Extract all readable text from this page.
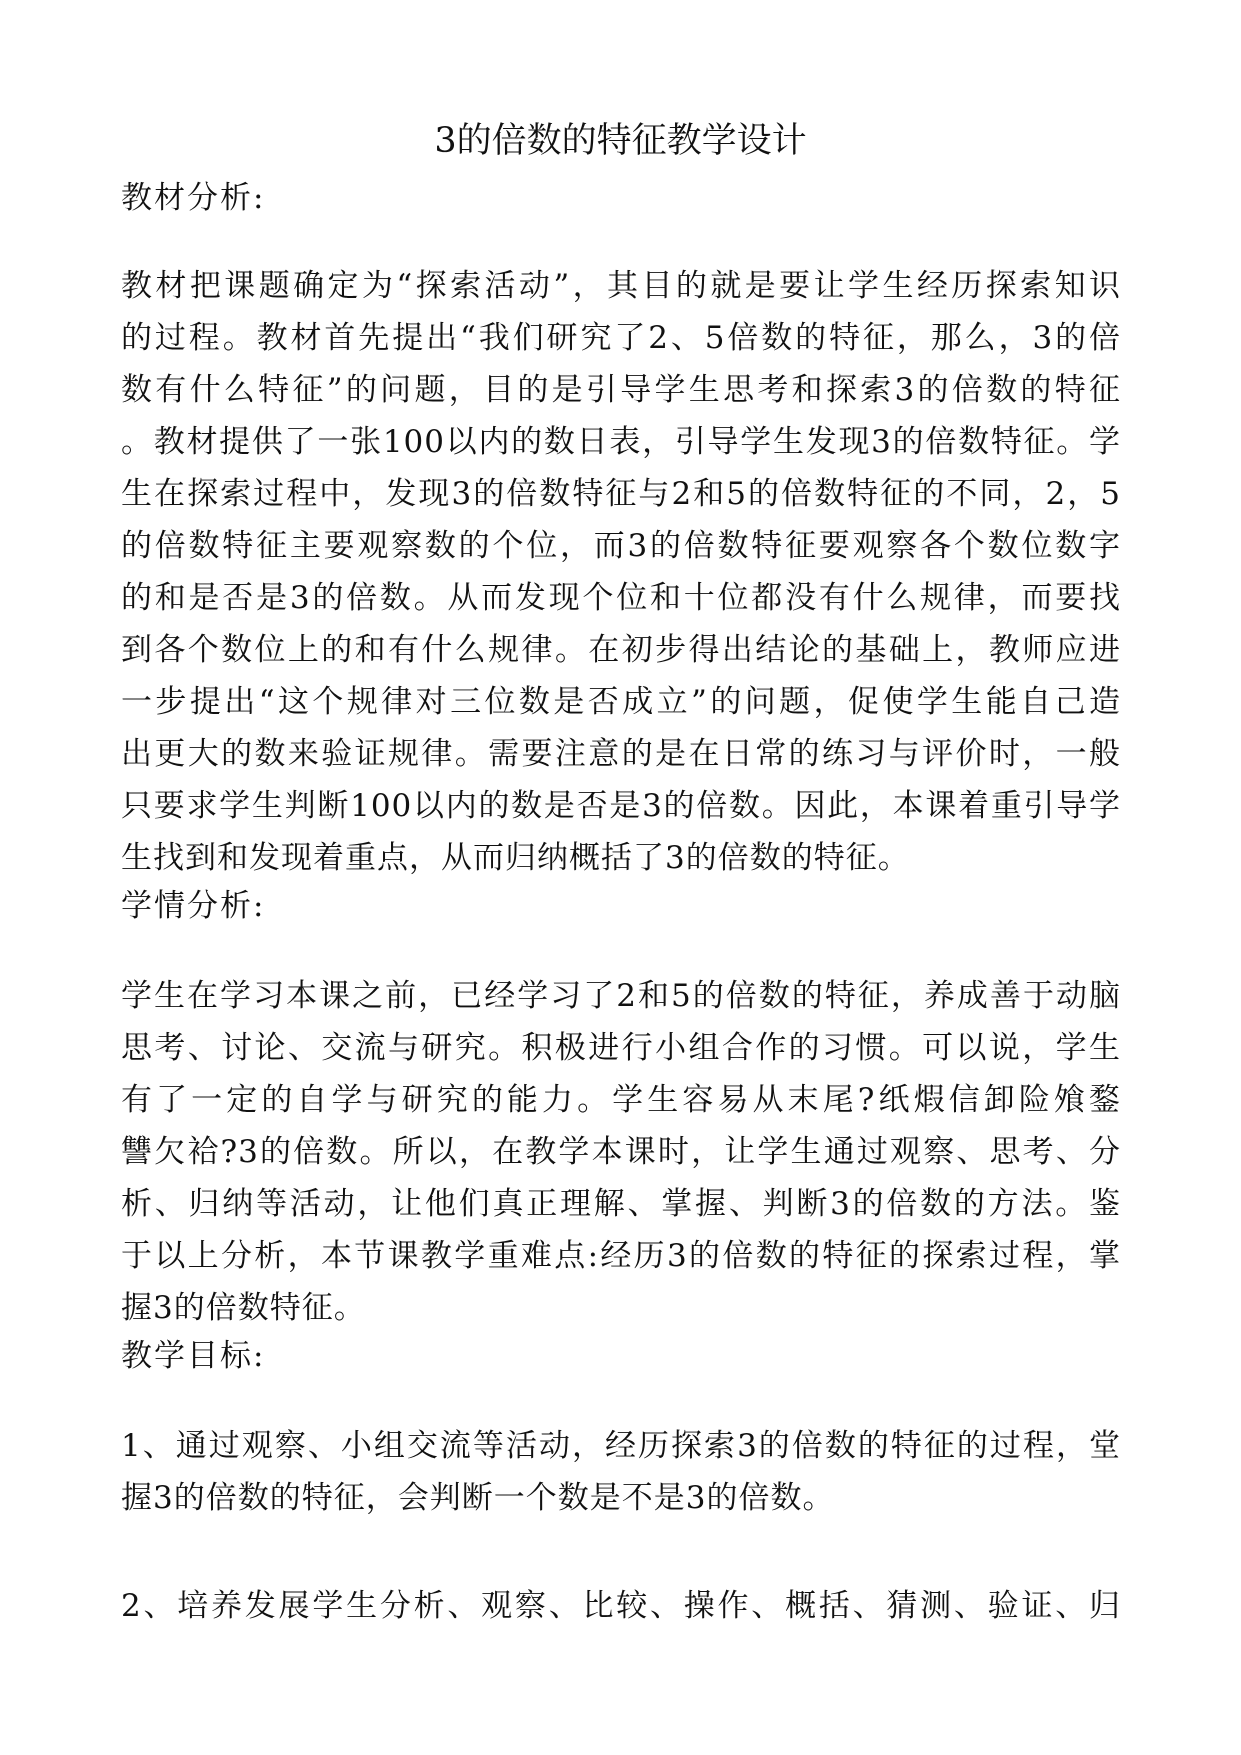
3的倍数的特征教学设计
教材分析:
教材把课题确定为“探索活动”，其目的就是要让学生经历探索知识
的过程。教材首先提出“我们研究了2、5倍数的特征，那么，3的倍
数有什么特征”的问题，目的是引导学生思考和探索3的倍数的特征
。教材提供了一张100以内的数日表，引导学生发现3的倍数特征。学
生在探索过程中，发现3的倍数特征与2和5的倍数特征的不同，2，5
的倍数特征主要观察数的个位，而3的倍数特征要观察各个数位数字
的和是否是3的倍数。从而发现个位和十位都没有什么规律，而要找
到各个数位上的和有什么规律。在初步得出结论的基础上，教师应进
一步提出“这个规律对三位数是否成立”的问题，促使学生能自己造
出更大的数来验证规律。需要注意的是在日常的练习与评价时，一般
只要求学生判断100以内的数是否是3的倍数。因此，本课着重引导学
生找到和发现着重点，从而归纳概括了3的倍数的特征。
学情分析:
学生在学习本课之前，已经学习了2和5的倍数的特征，养成善于动脑
思考、讨论、交流与研究。积极进行小组合作的习惯。可以说，学生
有了一定的自学与研究的能力。学生容易从末尾?纸煆信卸险飧鍪
讐欠袷?3的倍数。所以，在教学本课时，让学生通过观察、思考、分
析、归纳等活动，让他们真正理解、掌握、判断3的倍数的方法。鉴
于以上分析，本节课教学重难点:经历3的倍数的特征的探索过程，掌
握3的倍数特征。
教学目标:
1、通过观察、小组交流等活动，经历探索3的倍数的特征的过程，堂
握3的倍数的特征，会判断一个数是不是3的倍数。
2、培养发展学生分析、观察、比较、操作、概括、猜测、验证、归
